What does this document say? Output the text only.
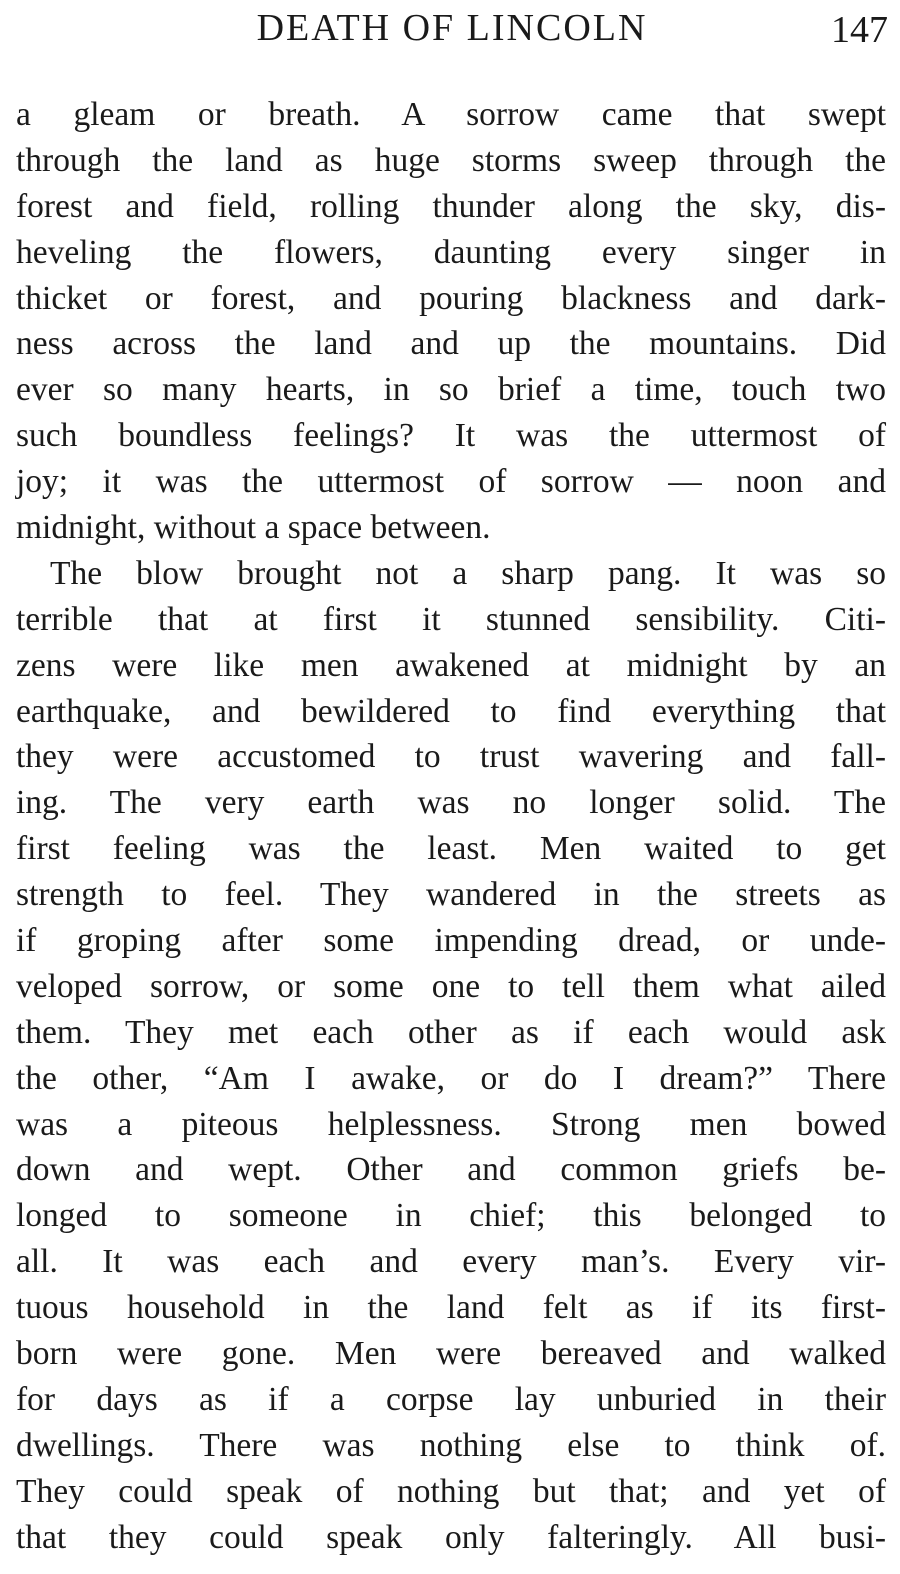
DEATH OF LINCOLN	147
a gleam or breath. A sorrow came that swept
through the land as huge storms sweep through the
forest and field, rolling thunder along the sky, dis-
heveling the flowers, daunting every singer in
thicket or forest, and pouring blackness and dark-
ness across the land and up the mountains. Did
ever so many hearts, in so brief a time, touch two
such boundless feelings? It was the uttermost of
joy; it was the uttermost of sorrow — noon and
midnight, without a space between.
The blow brought not a sharp pang. It was so
terrible that at first it stunned sensibility. Citi-
zens were like men awakened at midnight by an
earthquake, and bewildered to find everything that
they were accustomed to trust wavering and fall-
ing. The very earth was no longer solid. The
first feeling was the least. Men waited to get
strength to feel. They wandered in the streets as
if groping after some impending dread, or unde-
veloped sorrow, or some one to tell them what ailed
them. They met each other as if each would ask
the other, “Am I awake, or do I dream?” There
was a piteous helplessness. Strong men bowed
down and wept. Other and common griefs be-
longed to someone in chief; this belonged to
all. It was each and every man’s. Every vir-
tuous household in the land felt as if its first-
born were gone. Men were bereaved and walked
for days as if a corpse lay unburied in their
dwellings. There was nothing else to think of.
They could speak of nothing but that; and yet of
that they could speak only falteringly. All busi-
